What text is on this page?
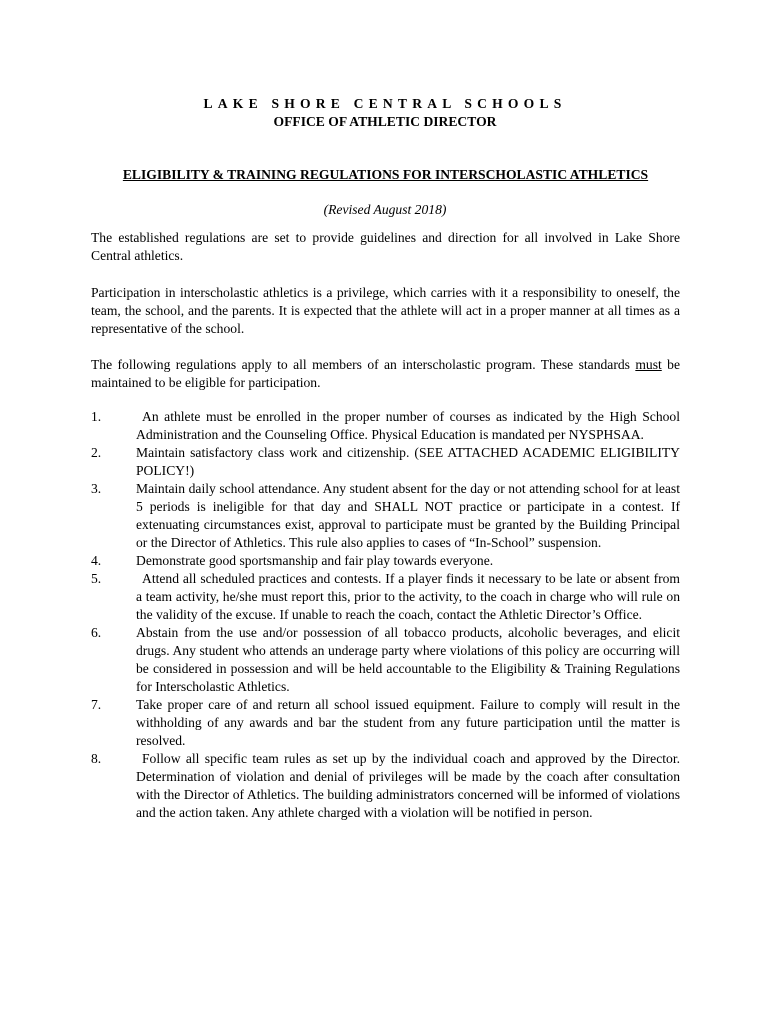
LAKE SHORE CENTRAL SCHOOLS
OFFICE OF ATHLETIC DIRECTOR
ELIGIBILITY & TRAINING REGULATIONS FOR INTERSCHOLASTIC ATHLETICS
(Revised August 2018)

The established regulations are set to provide guidelines and direction for all involved in Lake Shore Central athletics.

Participation in interscholastic athletics is a privilege, which carries with it a responsibility to oneself, the team, the school, and the parents. It is expected that the athlete will act in a proper manner at all times as a representative of the school.

The following regulations apply to all members of an interscholastic program. These standards must be maintained to be eligible for participation.

1.	An athlete must be enrolled in the proper number of courses as indicated by the High School Administration and the Counseling Office. Physical Education is mandated per NYSPHSAA.
2.	Maintain satisfactory class work and citizenship. (SEE ATTACHED ACADEMIC ELIGIBILITY POLICY!)
3.	Maintain daily school attendance. Any student absent for the day or not attending school for at least 5 periods is ineligible for that day and SHALL NOT practice or participate in a contest. If extenuating circumstances exist, approval to participate must be granted by the Building Principal or the Director of Athletics. This rule also applies to cases of “In-School” suspension.
4.	Demonstrate good sportsmanship and fair play towards everyone.
5.	Attend all scheduled practices and contests. If a player finds it necessary to be late or absent from a team activity, he/she must report this, prior to the activity, to the coach in charge who will rule on the validity of the excuse. If unable to reach the coach, contact the Athletic Director’s Office.
6.	Abstain from the use and/or possession of all tobacco products, alcoholic beverages, and elicit drugs. Any student who attends an underage party where violations of this policy are occurring will be considered in possession and will be held accountable to the Eligibility & Training Regulations for Interscholastic Athletics.
7.	Take proper care of and return all school issued equipment. Failure to comply will result in the withholding of any awards and bar the student from any future participation until the matter is resolved.
8.	Follow all specific team rules as set up by the individual coach and approved by the Director. Determination of violation and denial of privileges will be made by the coach after consultation with the Director of Athletics. The building administrators concerned will be informed of violations and the action taken. Any athlete charged with a violation will be notified in person.
